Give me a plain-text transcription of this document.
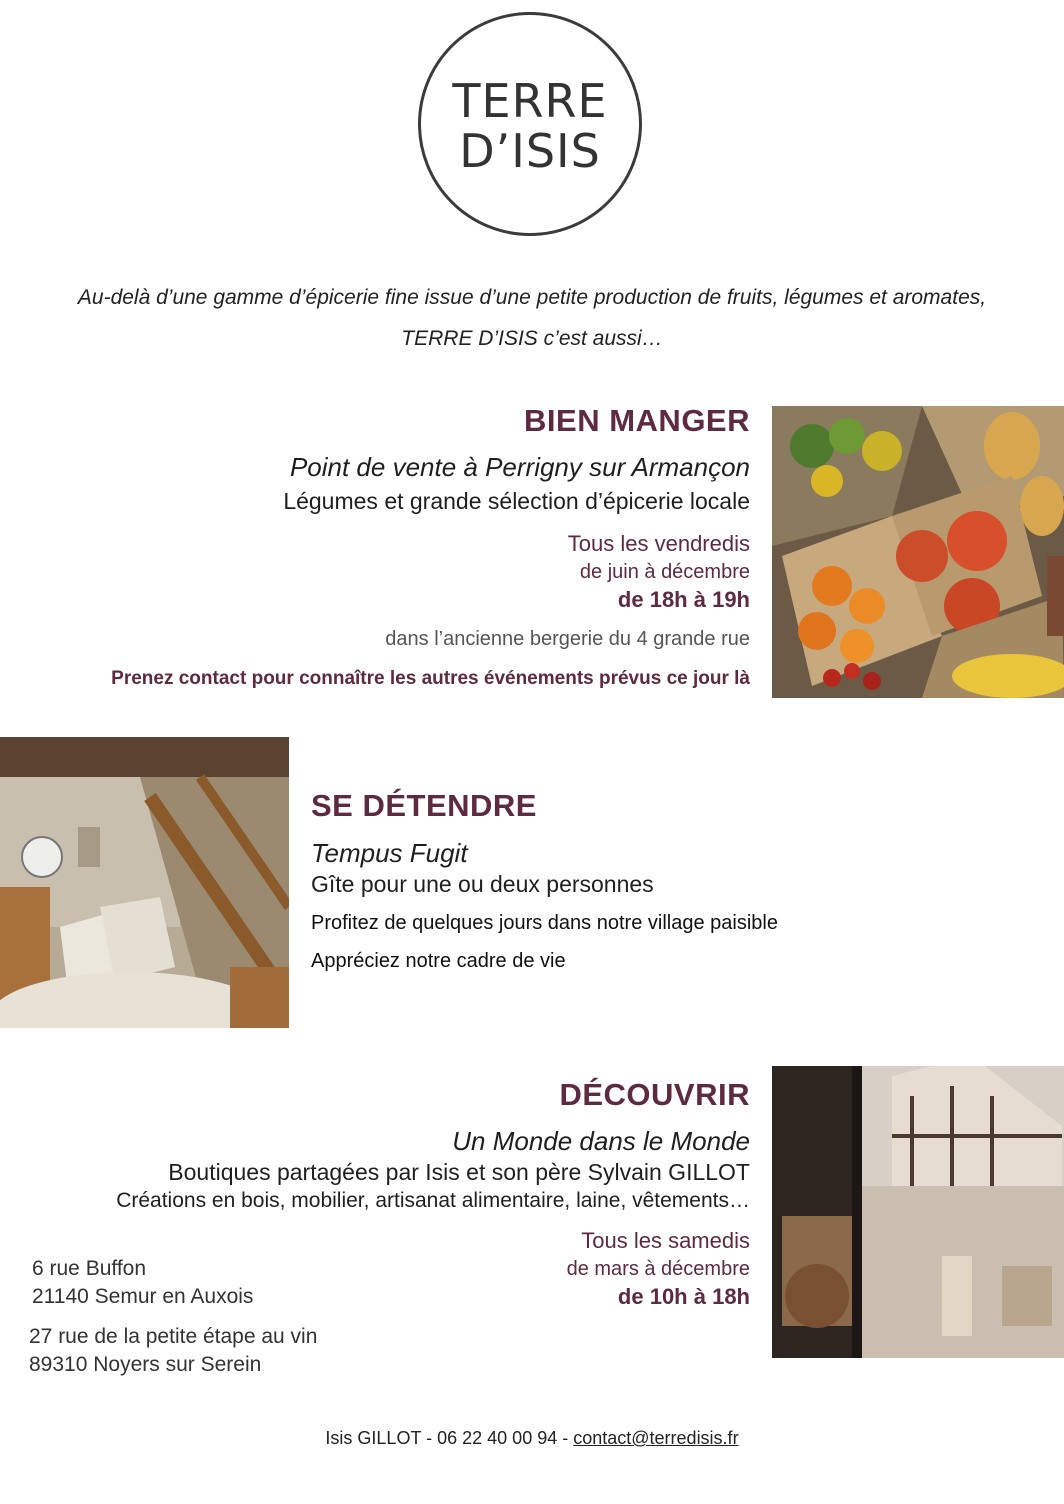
TERRE
D’ISIS
Au-delà d’une gamme d’épicerie fine issue d’une petite production de fruits, légumes et aromates,
TERRE D’ISIS c’est aussi…
BIEN MANGER
Point de vente à Perrigny sur Armançon
Légumes et grande sélection d’épicerie locale
Tous les vendredis
de juin à décembre
de 18h à 19h
dans l’ancienne bergerie du 4 grande rue
Prenez contact pour connaître les autres événements prévus ce jour là
SE DÉTENDRE
Tempus Fugit
Gîte pour une ou deux personnes
Profitez de quelques jours dans notre village paisible
Appréciez notre cadre de vie
DÉCOUVRIR
Un Monde dans le Monde
Boutiques partagées par Isis et son père Sylvain GILLOT
Créations en bois, mobilier, artisanat alimentaire, laine, vêtements…
Tous les samedis
de mars à décembre
de 10h à 18h
6 rue Buffon
21140 Semur en Auxois
27 rue de la petite étape au vin
89310 Noyers sur Serein
Isis GILLOT - 06 22 40 00 94 - contact@terredisis.fr
